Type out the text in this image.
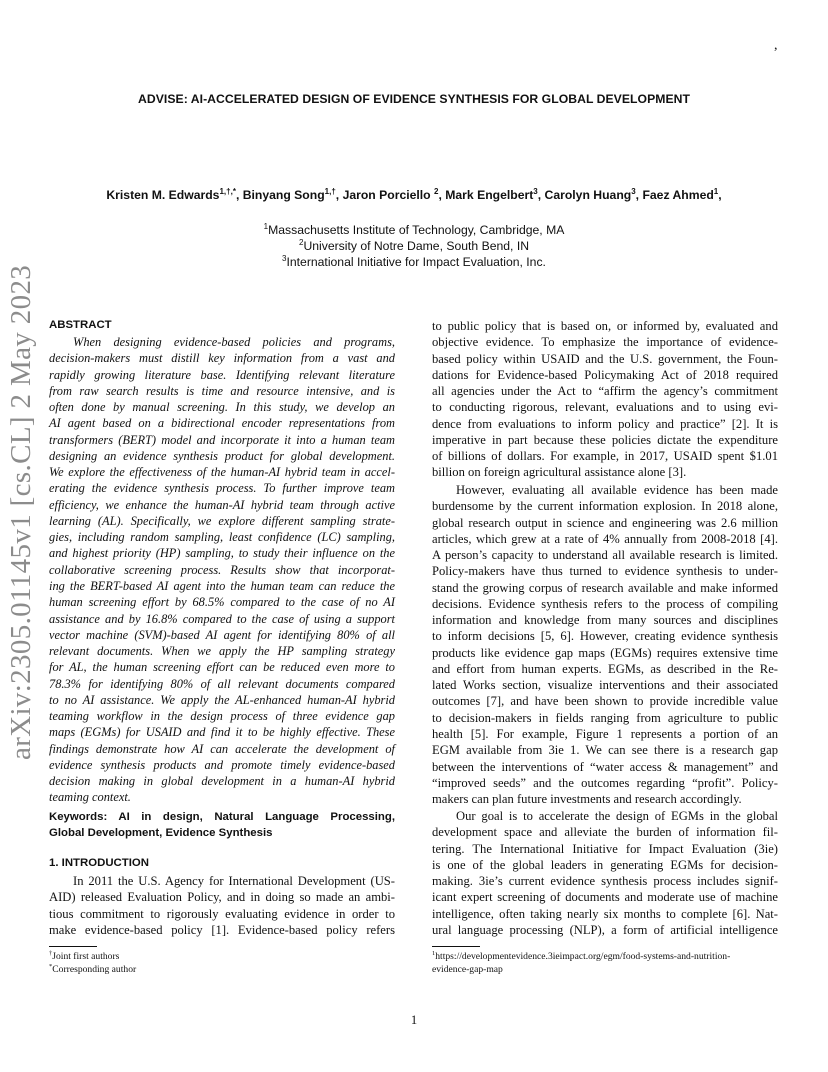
,
ADVISE: AI-ACCELERATED DESIGN OF EVIDENCE SYNTHESIS FOR GLOBAL DEVELOPMENT
Kristen M. Edwards$^{1,\dagger,*}$, Binyang Song$^{1,\dagger}$, Jaron Porciello $^2$, Mark Engelbert$^3$, Carolyn Huang$^3$, Faez Ahmed$^1$,
$^1$Massachusetts Institute of Technology, Cambridge, MA
$^2$University of Notre Dame, South Bend, IN
$^3$International Initiative for Impact Evaluation, Inc.
arXiv:2305.01145v1 [cs.CL] 2 May 2023	ABSTRACT
When designing evidence-based policies and programs,
decision-makers must distill key information from a vast and
rapidly growing literature base. Identifying relevant literature
from raw search results is time and resource intensive, and is
often done by manual screening. In this study, we develop an
AI agent based on a bidirectional encoder representations from
transformers (BERT) model and incorporate it into a human team
designing an evidence synthesis product for global development.
We explore the effectiveness of the human-AI hybrid team in accel-
erating the evidence synthesis process. To further improve team
efficiency, we enhance the human-AI hybrid team through active
learning (AL). Specifically, we explore different sampling strate-
gies, including random sampling, least confidence (LC) sampling,
and highest priority (HP) sampling, to study their influence on the
collaborative screening process. Results show that incorporat-
ing the BERT-based AI agent into the human team can reduce the
human screening effort by 68.5% compared to the case of no AI
assistance and by 16.8% compared to the case of using a support
vector machine (SVM)-based AI agent for identifying 80% of all
relevant documents. When we apply the HP sampling strategy
for AL, the human screening effort can be reduced even more to
78.3% for identifying 80% of all relevant documents compared
to no AI assistance. We apply the AL-enhanced human-AI hybrid
teaming workflow in the design process of three evidence gap
maps (EGMs) for USAID and find it to be highly effective. These
findings demonstrate how AI can accelerate the development of
evidence synthesis products and promote timely evidence-based
decision making in global development in a human-AI hybrid
teaming context.
Keywords: AI in design, Natural Language Processing,
Global Development, Evidence Synthesis
1. INTRODUCTION
In 2011 the U.S. Agency for International Development (US-
AID) released Evaluation Policy, and in doing so made an ambi-
tious commitment to rigorously evaluating evidence in order to
make evidence-based policy [1]. Evidence-based policy refers
†Joint first authors
*Corresponding author
to public policy that is based on, or informed by, evaluated and
objective evidence. To emphasize the importance of evidence-
based policy within USAID and the U.S. government, the Foun-
dations for Evidence-based Policymaking Act of 2018 required
all agencies under the Act to “affirm the agency’s commitment
to conducting rigorous, relevant, evaluations and to using evi-
dence from evaluations to inform policy and practice” [2]. It is
imperative in part because these policies dictate the expenditure
of billions of dollars. For example, in 2017, USAID spent $1.01
billion on foreign agricultural assistance alone [3].
However, evaluating all available evidence has been made
burdensome by the current information explosion. In 2018 alone,
global research output in science and engineering was 2.6 million
articles, which grew at a rate of 4% annually from 2008-2018 [4].
A person’s capacity to understand all available research is limited.
Policy-makers have thus turned to evidence synthesis to under-
stand the growing corpus of research available and make informed
decisions. Evidence synthesis refers to the process of compiling
information and knowledge from many sources and disciplines
to inform decisions [5, 6]. However, creating evidence synthesis
products like evidence gap maps (EGMs) requires extensive time
and effort from human experts. EGMs, as described in the Re-
lated Works section, visualize interventions and their associated
outcomes [7], and have been shown to provide incredible value
to decision-makers in fields ranging from agriculture to public
health [5]. For example, Figure 1 represents a portion of an
EGM available from 3ie 1. We can see there is a research gap
between the interventions of “water access & management” and
“improved seeds” and the outcomes regarding “profit”. Policy-
makers can plan future investments and research accordingly.
Our goal is to accelerate the design of EGMs in the global
development space and alleviate the burden of information fil-
tering. The International Initiative for Impact Evaluation (3ie)
is one of the global leaders in generating EGMs for decision-
making. 3ie’s current evidence synthesis process includes signif-
icant expert screening of documents and moderate use of machine
intelligence, often taking nearly six months to complete [6]. Nat-
ural language processing (NLP), a form of artificial intelligence
$^1$https://developmentevidence.3ieimpact.org/egm/food-systems-and-nutrition-
evidence-gap-map
1
